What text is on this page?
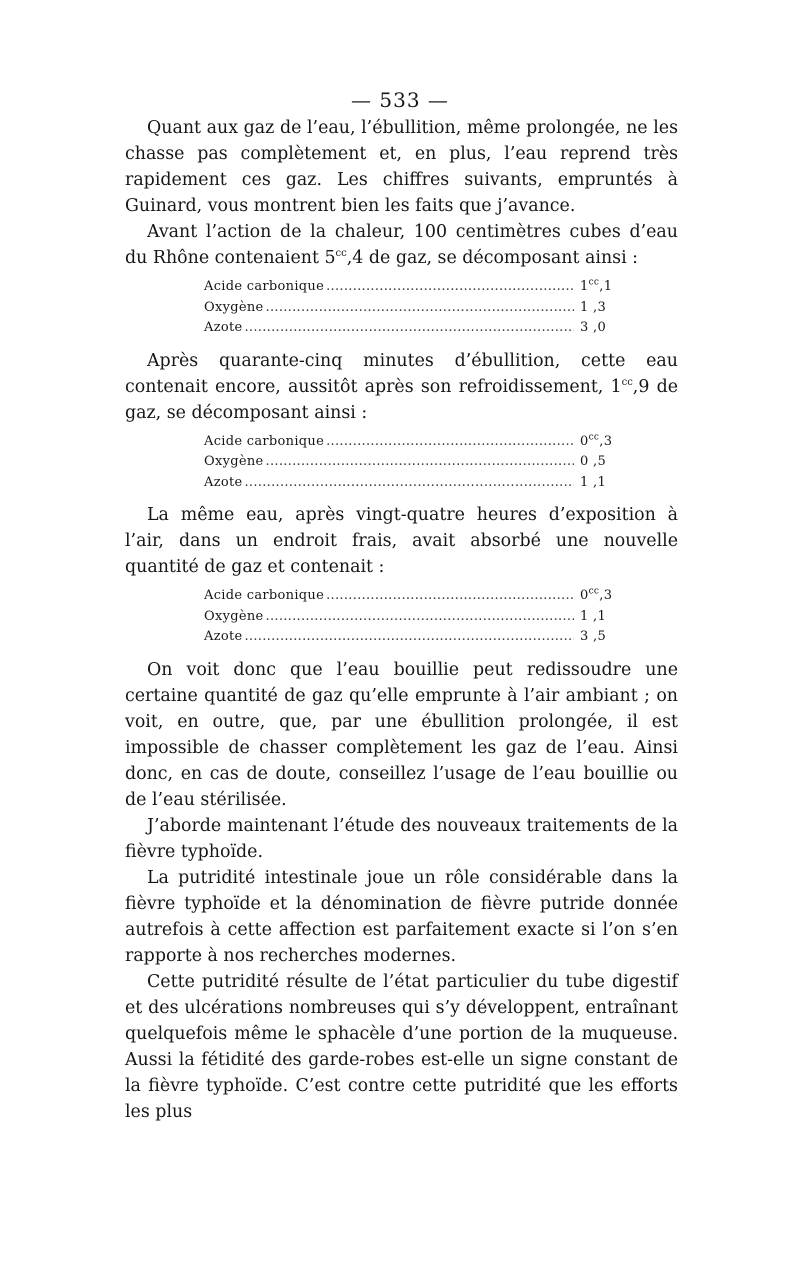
— 533 —

Quant aux gaz de l’eau, l’ébullition, même prolongée, ne les chasse pas complètement et, en plus, l’eau reprend très rapidement ces gaz. Les chiffres suivants, empruntés à Guinard, vous montrent bien les faits que j’avance.

Avant l’action de la chaleur, 100 centimètres cubes d’eau du Rhône contenaient $5^{cc},4$ de gaz, se décomposant ainsi :

Acide carbonique .....	$1^{cc},1$
Oxygène .....	1 ,3
Azote .....	3 ,0

Après quarante-cinq minutes d’ébullition, cette eau contenait encore, aussitôt après son refroidissement, $1^{cc},9$ de gaz, se décomposant ainsi :

Acide carbonique .....	$0^{cc},3$
Oxygène .....	0 ,5
Azote .....	1 ,1

La même eau, après vingt-quatre heures d’exposition à l’air, dans un endroit frais, avait absorbé une nouvelle quantité de gaz et contenait :

Acide carbonique .....	$0^{cc},3$
Oxygène .....	1 ,1
Azote .....	3 ,5

On voit donc que l’eau bouillie peut redissoudre une certaine quantité de gaz qu’elle emprunte à l’air ambiant ; on voit, en outre, que, par une ébullition prolongée, il est impossible de chasser complètement les gaz de l’eau. Ainsi donc, en cas de doute, conseillez l’usage de l’eau bouillie ou de l’eau stérilisée.

J’aborde maintenant l’étude des nouveaux traitements de la fièvre typhoïde.

La putridité intestinale joue un rôle considérable dans la fièvre typhoïde et la dénomination de fièvre putride donnée autrefois à cette affection est parfaitement exacte si l’on s’en rapporte à nos recherches modernes.

Cette putridité résulte de l’état particulier du tube digestif et des ulcérations nombreuses qui s’y développent, entraînant quelquefois même le sphacèle d’une portion de la muqueuse. Aussi la fétidité des garde-robes est-elle un signe constant de la fièvre typhoïde. C’est contre cette putridité que les efforts les plus
